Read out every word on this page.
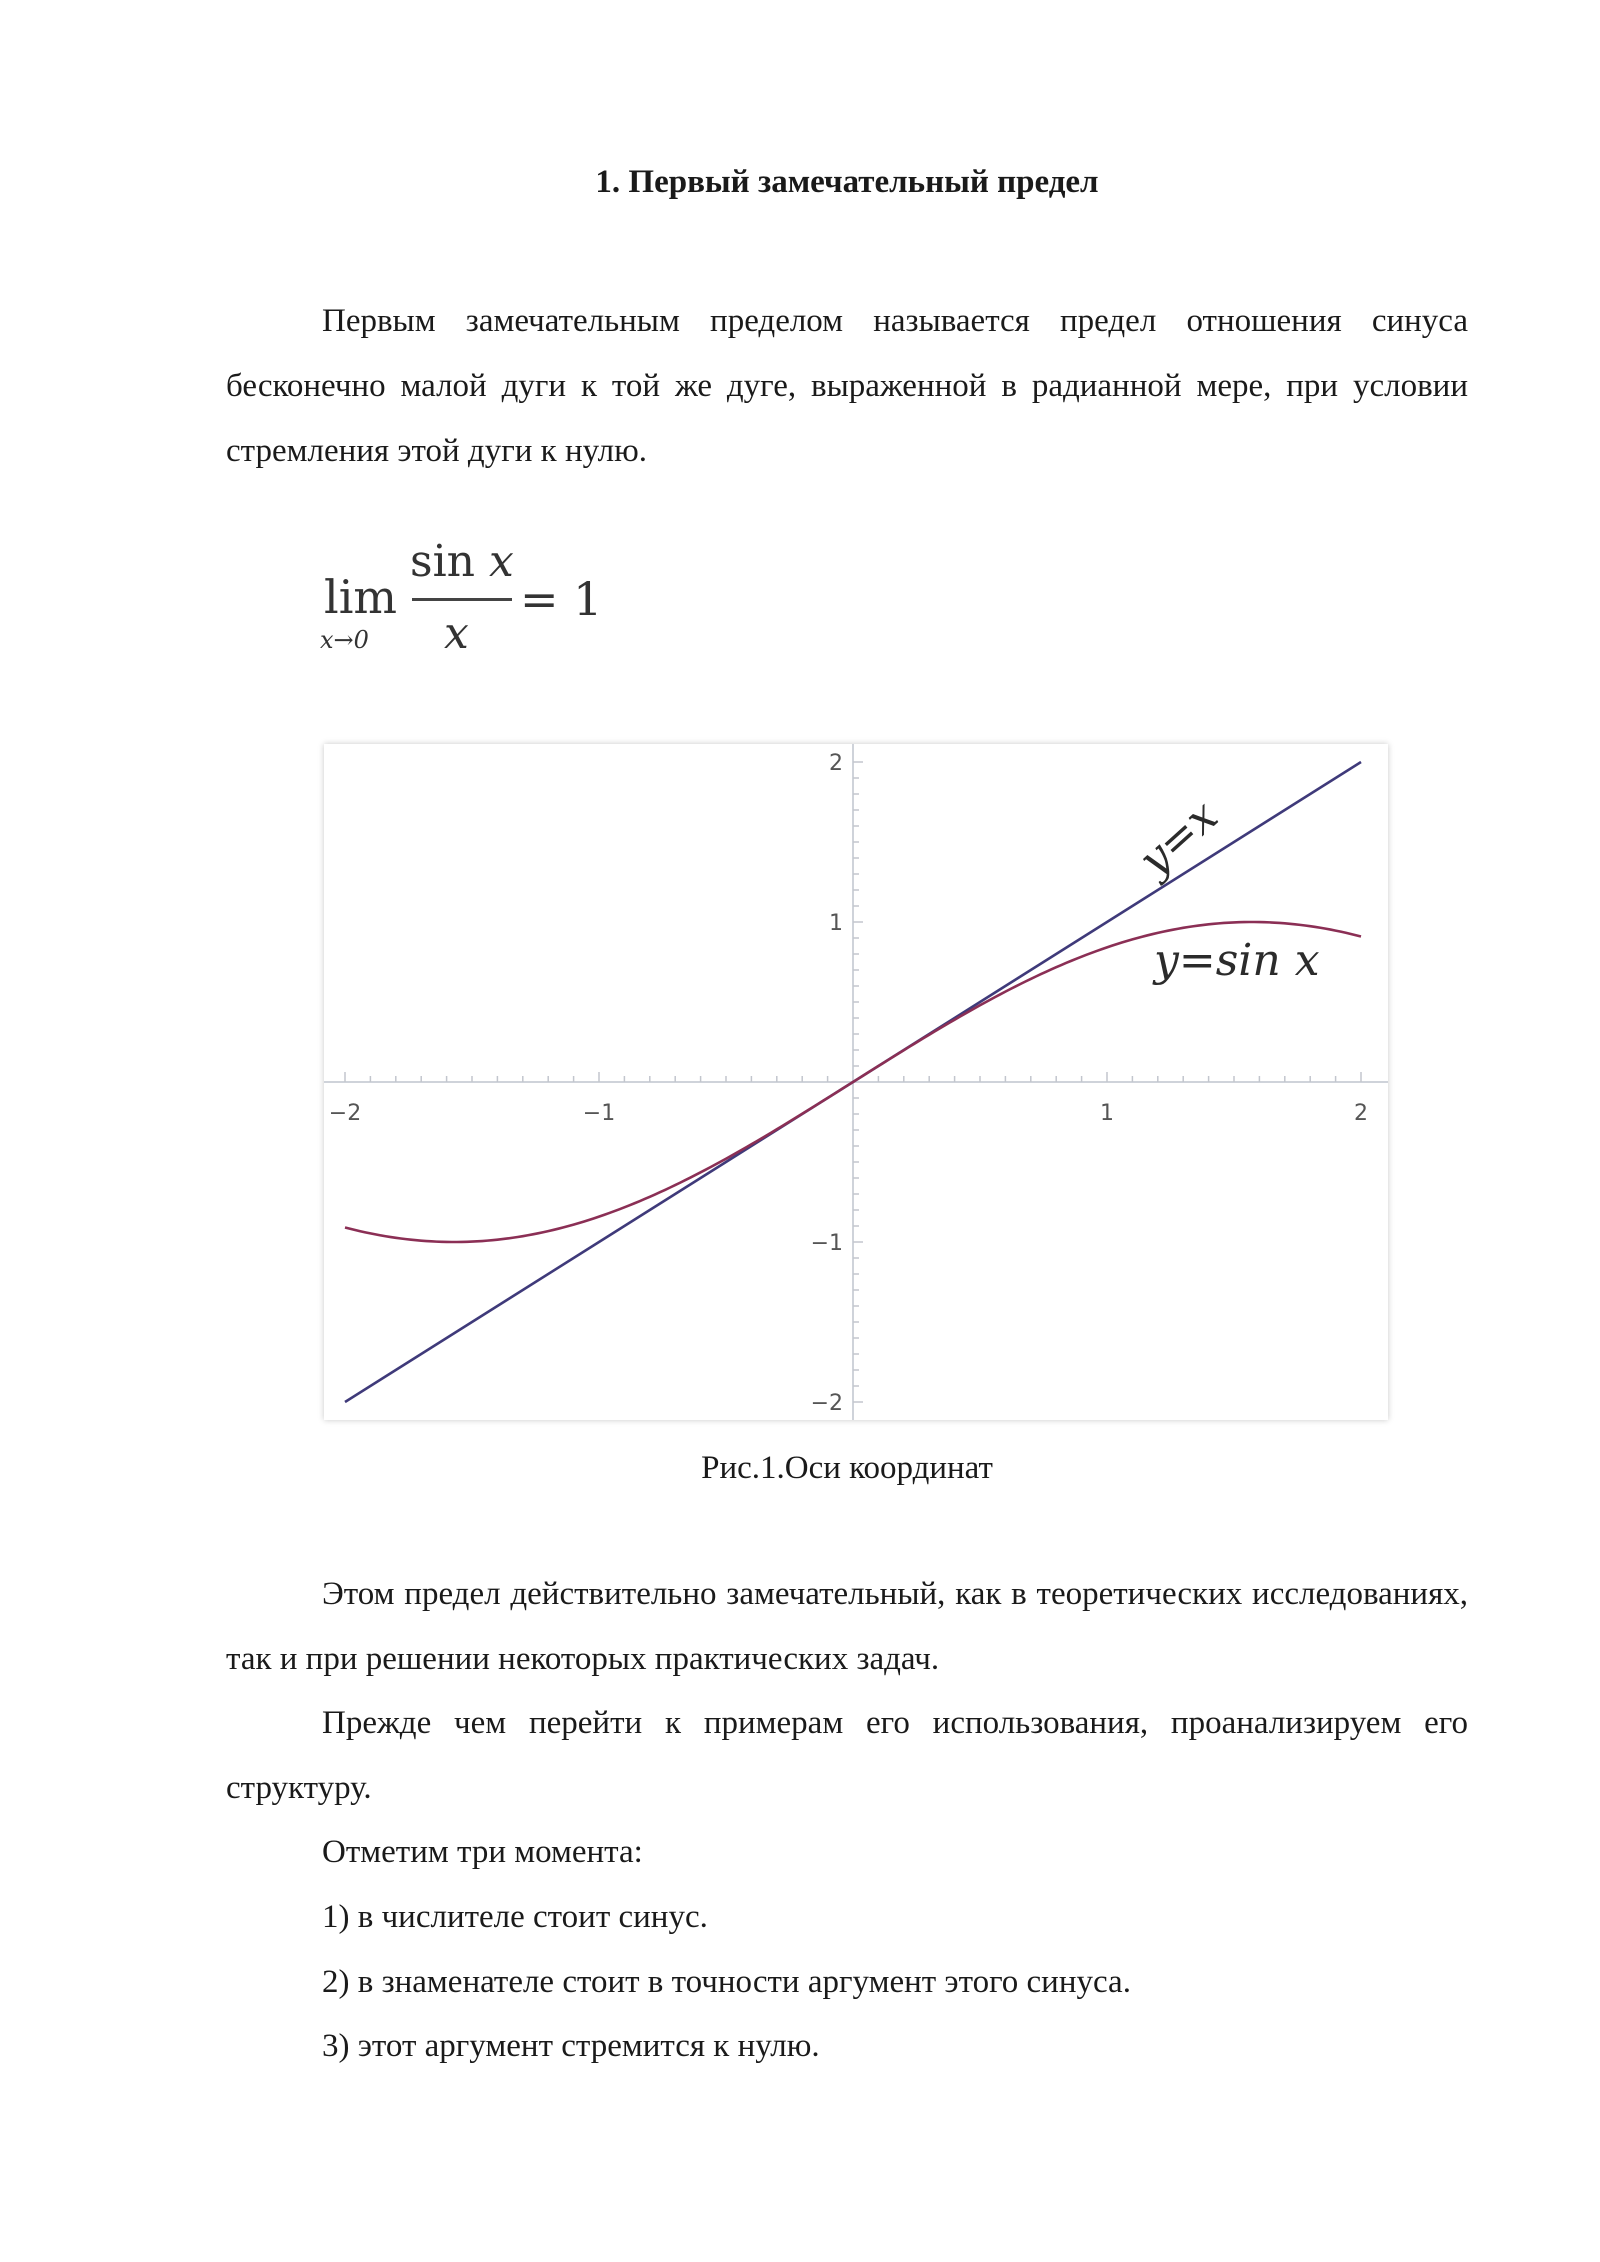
1. Первый замечательный предел

Первым замечательным пределом называется предел отношения синуса бесконечно малой дуги к той же дуге, выраженной в радианной мере, при условии стремления этой дуги к нулю.

lim
x→0
sin x
x
= 1
−2	−1	1	2
2
1
−1
−2
y=x
y=sin x

Рис.1.Оси координат

Этом предел действительно замечательный, как в теоретических исследованиях, так и при решении некоторых практических задач.

Прежде чем перейти к примерам его использования, проанализируем его структуру.

Отметим три момента:

1) в числителе стоит синус.

2) в знаменателе стоит в точности аргумент этого синуса.

3) этот аргумент стремится к нулю.
